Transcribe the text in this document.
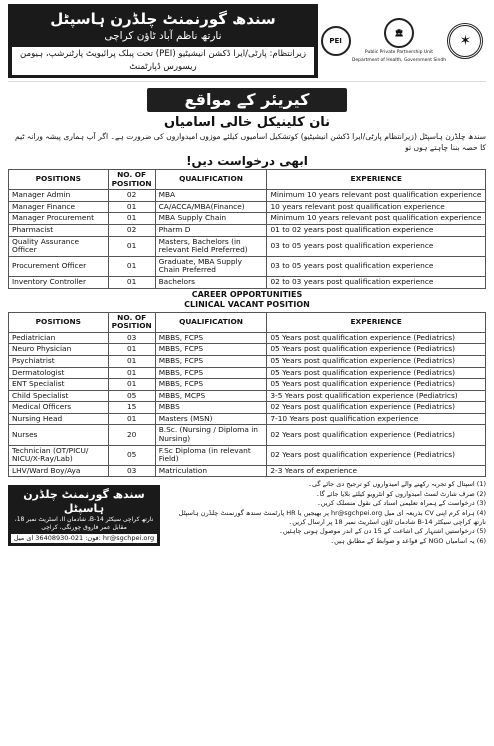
سندھ گورنمنٹ چلڈرن ہاسپٹل
نارتھ ناظم آباد ٹاؤن کراچی
زیرانتظام: پارٹی/ایرا ڈکشن انیشیٹیو (PEI) تحت پبلک پرائیویٹ پارٹنرشپ، ہیومن ریسورس ڈپارٹمنٹ
PEI
🏛
Public Private Partnership Unit
Department of Health, Government Sindh
✶
کیریئر کے مواقع
نان کلینیکل خالی اسامیاں
سندھ چلڈرن ہاسپٹل (زیرانتظام پارٹی/ایرا ڈکشن انیشیٹیو) کوتشکیل اسامیوں کیلئے موزوں امیدواروں کی ضرورت ہے۔ اگر آپ ہماری پیشہ ورانہ ٹیم کا حصہ بننا چاہتے ہوں تو
ابھی درخواست دیں!
POSITIONS	NO. OF POSITION	QUALIFICATION	EXPERIENCE
Manager Admin	02	MBA	Minimum 10 years relevant post qualification experience
Manager Finance	01	CA/ACCA/MBA(Finance)	10 years relevant post qualification experience
Manager Procurement	01	MBA Supply Chain	Minimum 10 years relevant post qualification experience
Pharmacist	02	Pharm D	01 to 02 years post qualification experience
Quality Assurance Officer	01	Masters, Bachelors (in relevant Field Preferred)	03 to 05 years post qualification experience
Procurement Officer	01	Graduate, MBA Supply Chain Preferred	03 to 05 years post qualification experience
Inventory Controller	01	Bachelors	02 to 03 years post qualification experience
CAREER OPPORTUNITIES
CLINICAL VACANT POSITION
POSITIONS	NO. OF POSITION	QUALIFICATION	EXPERIENCE
Pediatrician	03	MBBS, FCPS	05 Years post qualification experience (Pediatrics)
Neuro Physician	01	MBBS, FCPS	05 Years post qualification experience (Pediatrics)
Psychiatrist	01	MBBS, FCPS	05 Years post qualification experience (Pediatrics)
Dermatologist	01	MBBS, FCPS	05 Years post qualification experience (Pediatrics)
ENT Specialist	01	MBBS, FCPS	05 Years post qualification experience (Pediatrics)
Child Specialist	05	MBBS, MCPS	3-5 Years post qualification experience (Pediatrics)
Medical Officers	15	MBBS	02 Years post qualification experience (Pediatrics)
Nursing Head	01	Masters (MSN)	7-10 Years post qualification experience
Nurses	20	B.Sc. (Nursing / Diploma in Nursing)	02 Years post qualification experience (Pediatrics)
Technician (OT/PICU/ NICU/X-Ray/Lab)	05	F.Sc Diploma (in relevant Field)	02 Years post qualification experience (Pediatrics)
LHV/Ward Boy/Aya	03	Matriculation	2-3 Years of experience
سندھ گورنمنٹ چلڈرن ہاسپٹل
نارتھ کراچی سیکٹر 14-B، شادمان II، اسٹریٹ نمبر 18، مقابل عمر فاروق چورنگی، کراچی
فون: 021-36408930 ای میل: hr@sgchpei.org
(1) اسپتال کو تجربہ رکھنے والے امیدواروں کو ترجیح دی جائے گی۔
(2) صرف شارٹ لسٹ امیدواروں کو انٹرویو کیلئے بلایا جائے گا۔
(3) درخواست کے ہمراہ تعلیمی اسناد کی نقول منسلک کریں۔
(4) ہراہ کرم اپنی CV بذریعہ ای میل hr@sgchpei.org پر بھیجیں یا HR پارٹمنٹ سندھ گورنمنٹ چلڈرن ہاسپٹل نارتھ کراچی سیکٹر 14-B شادمان ٹاؤن اسٹریٹ نمبر 18 پر ارسال کریں۔
(5) درخواستیں اشتہار کی اشاعت کے 15 دن کے اندر موصول ہونی چاہئیں۔
(6) یہ اسامیاں NGO کے قواعد و ضوابط کے مطابق ہیں۔
